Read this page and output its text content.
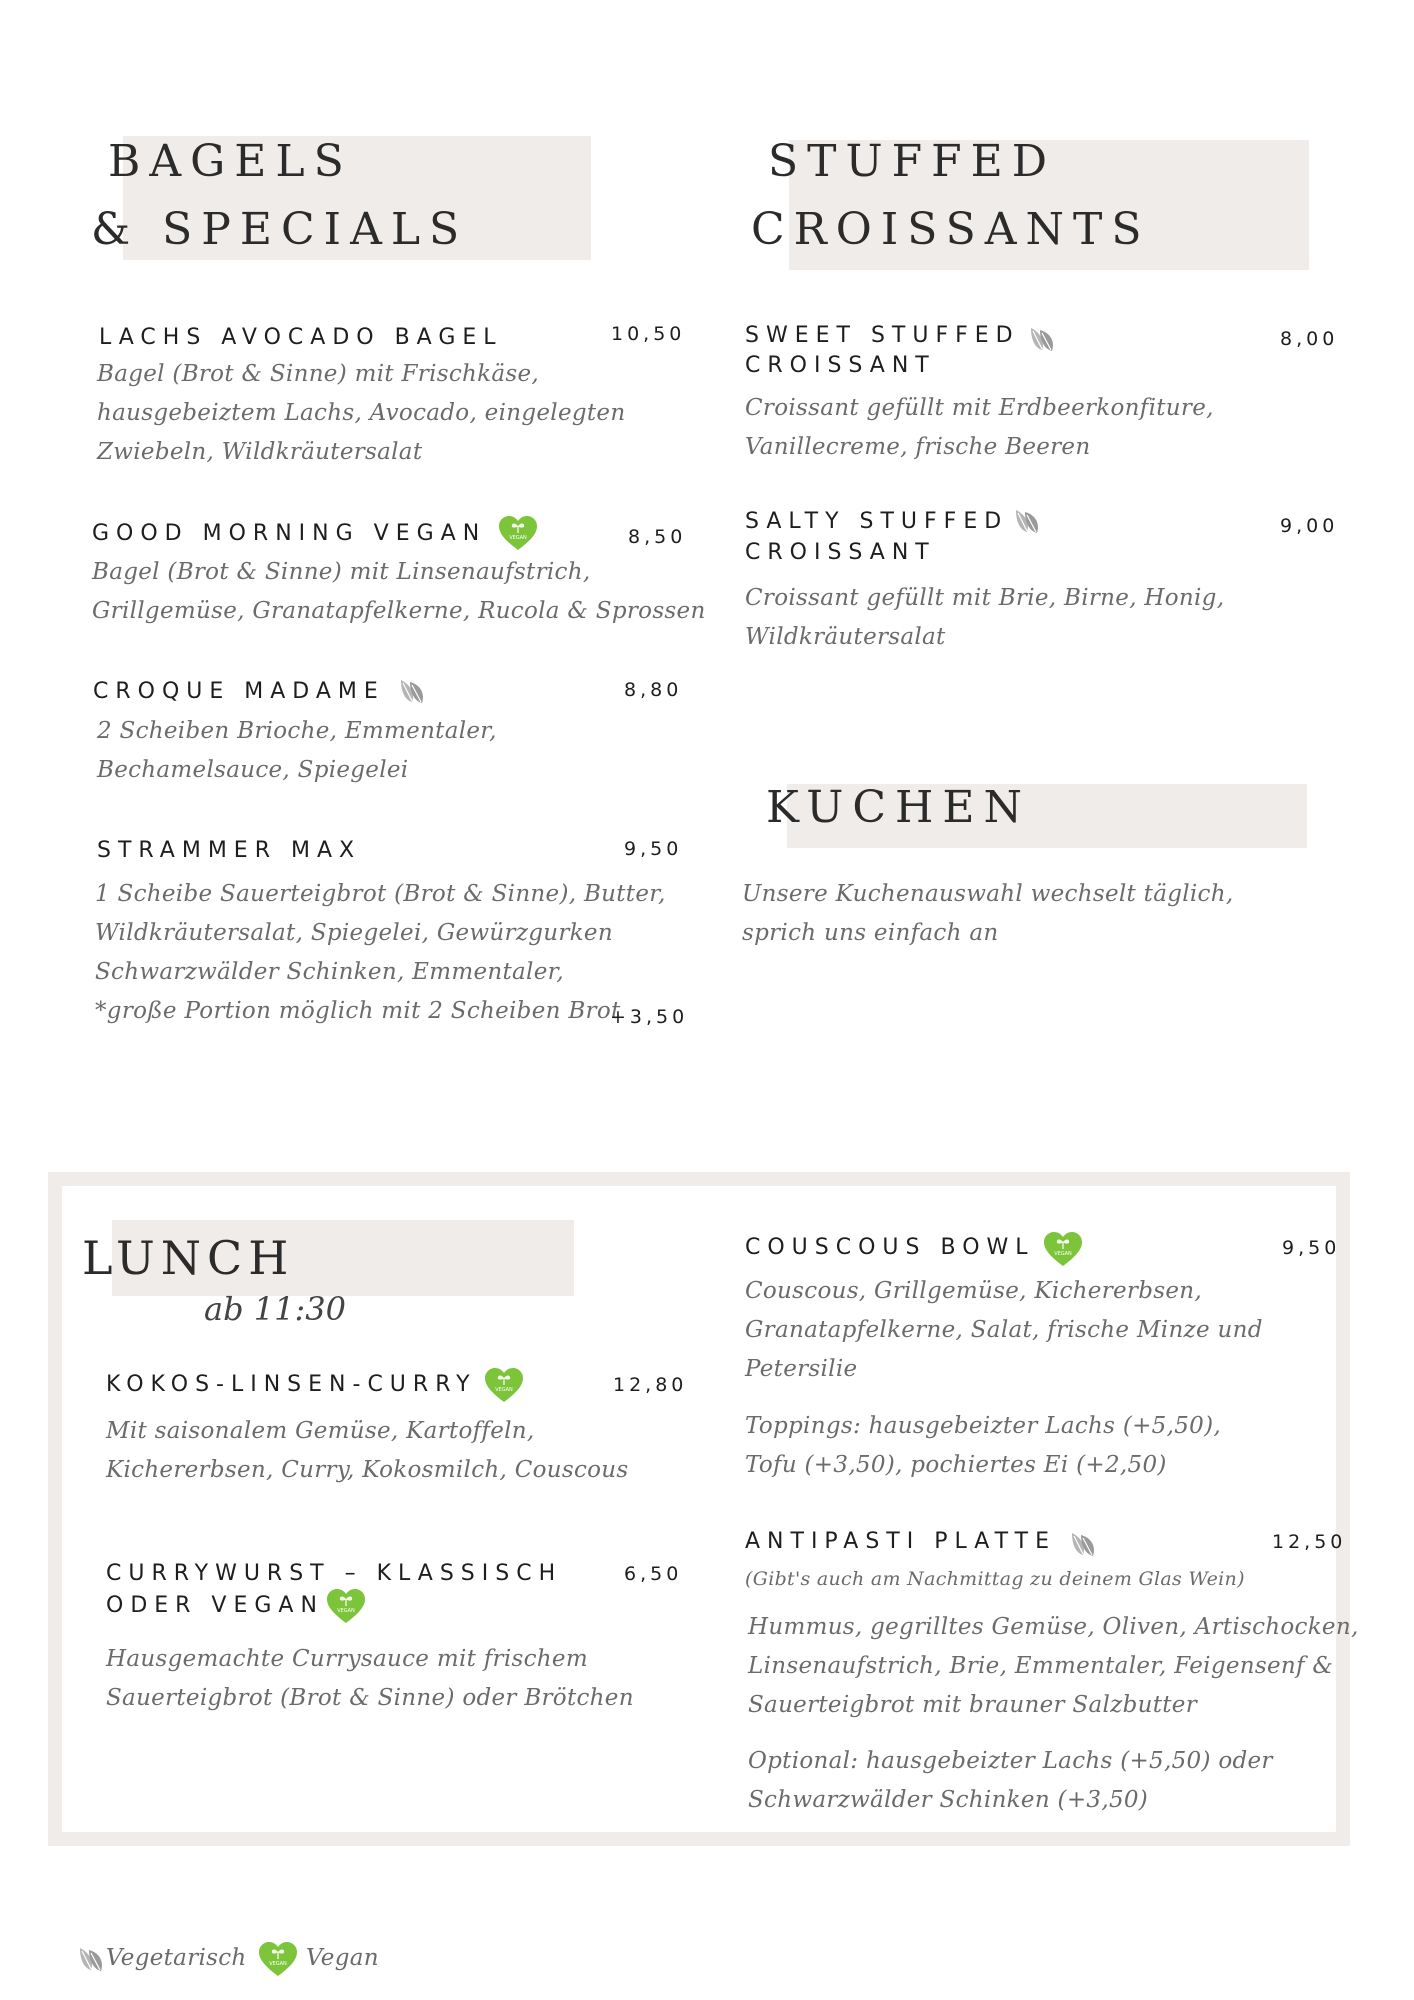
BAGELS
& SPECIALS
LACHS AVOCADO BAGEL	10,50
Bagel (Brot & Sinne) mit Frischkäse,
hausgebeiztem Lachs, Avocado, eingelegten
Zwiebeln, Wildkräutersalat
GOOD MORNING VEGAN	8,50
Bagel (Brot & Sinne) mit Linsenaufstrich,
Grillgemüse, Granatapfelkerne, Rucola & Sprossen
CROQUE MADAME	8,80
2 Scheiben Brioche, Emmentaler,
Bechamelsauce, Spiegelei
STRAMMER MAX	9,50
1 Scheibe Sauerteigbrot (Brot & Sinne), Butter,
Wildkräutersalat, Spiegelei, Gewürzgurken
Schwarzwälder Schinken, Emmentaler,
*große Portion möglich mit 2 Scheiben Brot
+3,50
STUFFED
CROISSANTS
SWEET STUFFED
CROISSANT
8,00
Croissant gefüllt mit Erdbeerkonfiture,
Vanillecreme, frische Beeren
SALTY STUFFED
CROISSANT
9,00
Croissant gefüllt mit Brie, Birne, Honig,
Wildkräutersalat
KUCHEN
Unsere Kuchenauswahl wechselt täglich,
sprich uns einfach an
LUNCH
ab 11:30
KOKOS-LINSEN-CURRY	12,80
Mit saisonalem Gemüse, Kartoffeln,
Kichererbsen, Curry, Kokosmilch, Couscous
CURRYWURST – KLASSISCH
ODER VEGAN
6,50
Hausgemachte Currysauce mit frischem
Sauerteigbrot (Brot & Sinne) oder Brötchen
COUSCOUS BOWL	9,50
Couscous, Grillgemüse, Kichererbsen,
Granatapfelkerne, Salat, frische Minze und
Petersilie
Toppings: hausgebeizter Lachs (+5,50),
Tofu (+3,50), pochiertes Ei (+2,50)
ANTIPASTI PLATTE	12,50
(Gibt's auch am Nachmittag zu deinem Glas Wein)
Hummus, gegrilltes Gemüse, Oliven, Artischocken,
Linsenaufstrich, Brie, Emmentaler, Feigensenf &
Sauerteigbrot mit brauner Salzbutter
Optional: hausgebeizter Lachs (+5,50) oder
Schwarzwälder Schinken (+3,50)
Vegetarisch	Vegan
